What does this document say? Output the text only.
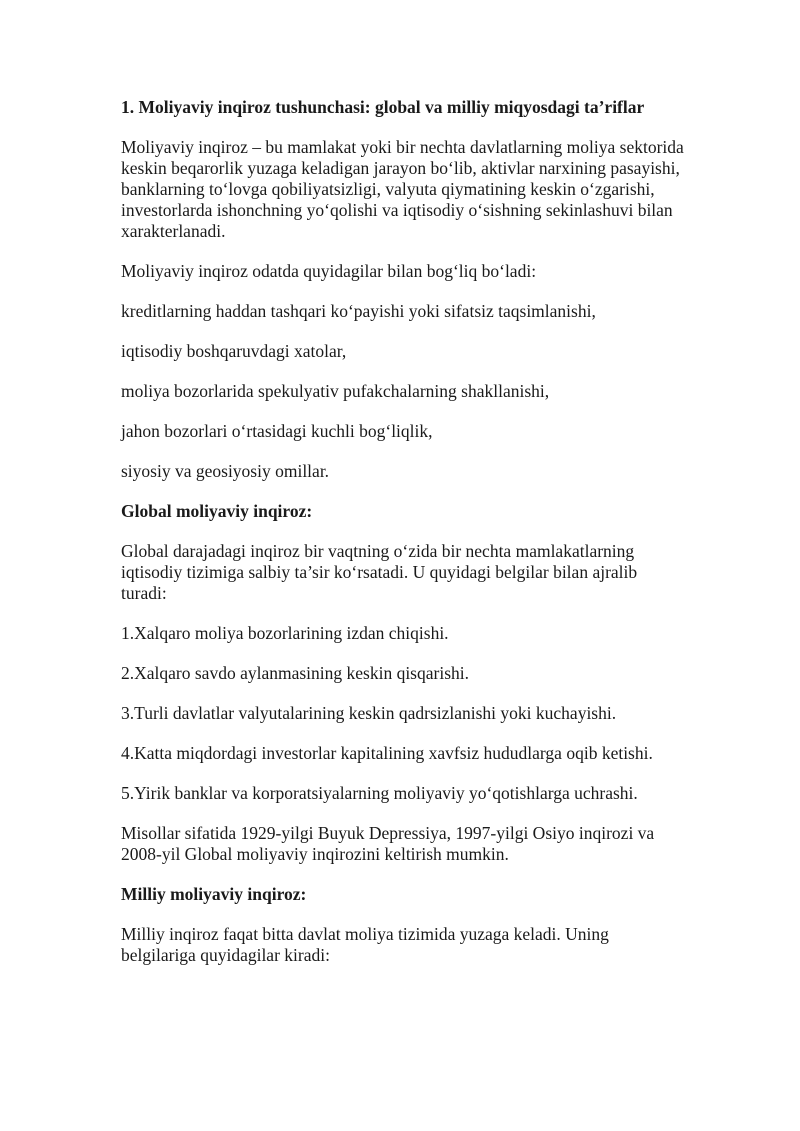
1. Moliyaviy inqiroz tushunchasi: global va milliy miqyosdagi ta’riflar

Moliyaviy inqiroz – bu mamlakat yoki bir nechta davlatlarning moliya sektorida keskin beqarorlik yuzaga keladigan jarayon bo‘lib, aktivlar narxining pasayishi, banklarning to‘lovga qobiliyatsizligi, valyuta qiymatining keskin o‘zgarishi, investorlarda ishonchning yo‘qolishi va iqtisodiy o‘sishning sekinlashuvi bilan xarakterlanadi.

Moliyaviy inqiroz odatda quyidagilar bilan bog‘liq bo‘ladi:

kreditlarning haddan tashqari ko‘payishi yoki sifatsiz taqsimlanishi,

iqtisodiy boshqaruvdagi xatolar,

moliya bozorlarida spekulyativ pufakchalarning shakllanishi,

jahon bozorlari o‘rtasidagi kuchli bog‘liqlik,

siyosiy va geosiyosiy omillar.

Global moliyaviy inqiroz:

Global darajadagi inqiroz bir vaqtning o‘zida bir nechta mamlakatlarning iqtisodiy tizimiga salbiy ta’sir ko‘rsatadi. U quyidagi belgilar bilan ajralib turadi:

1.Xalqaro moliya bozorlarining izdan chiqishi.

2.Xalqaro savdo aylanmasining keskin qisqarishi.

3.Turli davlatlar valyutalarining keskin qadrsizlanishi yoki kuchayishi.

4.Katta miqdordagi investorlar kapitalining xavfsiz hududlarga oqib ketishi.

5.Yirik banklar va korporatsiyalarning moliyaviy yo‘qotishlarga uchrashi.

Misollar sifatida 1929-yilgi Buyuk Depressiya, 1997-yilgi Osiyo inqirozi va 2008-yil Global moliyaviy inqirozini keltirish mumkin.

Milliy moliyaviy inqiroz:

Milliy inqiroz faqat bitta davlat moliya tizimida yuzaga keladi. Uning belgilariga quyidagilar kiradi:
